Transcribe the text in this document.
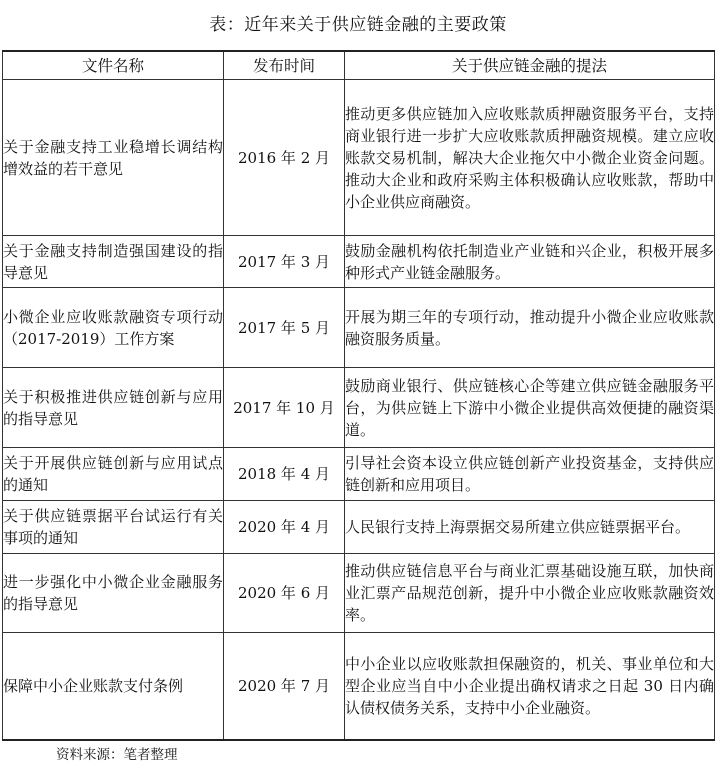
表：近年来关于供应链金融的主要政策
文件名称	发布时间	关于供应链金融的提法
关于金融支持工业稳增长调结构增效益的若干意见	2016 年 2 月	推动更多供应链加入应收账款质押融资服务平台，支持商业银行进一步扩大应收账款质押融资规模。建立应收账款交易机制，解决大企业拖欠中小微企业资金问题。推动大企业和政府采购主体积极确认应收账款，帮助中小企业供应商融资。
关于金融支持制造强国建设的指导意见	2017 年 3 月	鼓励金融机构依托制造业产业链和兴企业，积极开展多种形式产业链金融服务。
小微企业应收账款融资专项行动（2017-2019）工作方案	2017 年 5 月	开展为期三年的专项行动，推动提升小微企业应收账款融资服务质量。
关于积极推进供应链创新与应用的指导意见	2017 年 10 月	鼓励商业银行、供应链核心企等建立供应链金融服务平台，为供应链上下游中小微企业提供高效便捷的融资渠道。
关于开展供应链创新与应用试点的通知	2018 年 4 月	引导社会资本设立供应链创新产业投资基金，支持供应链创新和应用项目。
关于供应链票据平台试运行有关事项的通知	2020 年 4 月	人民银行支持上海票据交易所建立供应链票据平台。
进一步强化中小微企业金融服务的指导意见	2020 年 6 月	推动供应链信息平台与商业汇票基础设施互联，加快商业汇票产品规范创新，提升中小微企业应收账款融资效率。
保障中小企业账款支付条例	2020 年 7 月	中小企业以应收账款担保融资的，机关、事业单位和大型企业应当自中小企业提出确权请求之日起 30 日内确认债权债务关系，支持中小企业融资。
资料来源：笔者整理
